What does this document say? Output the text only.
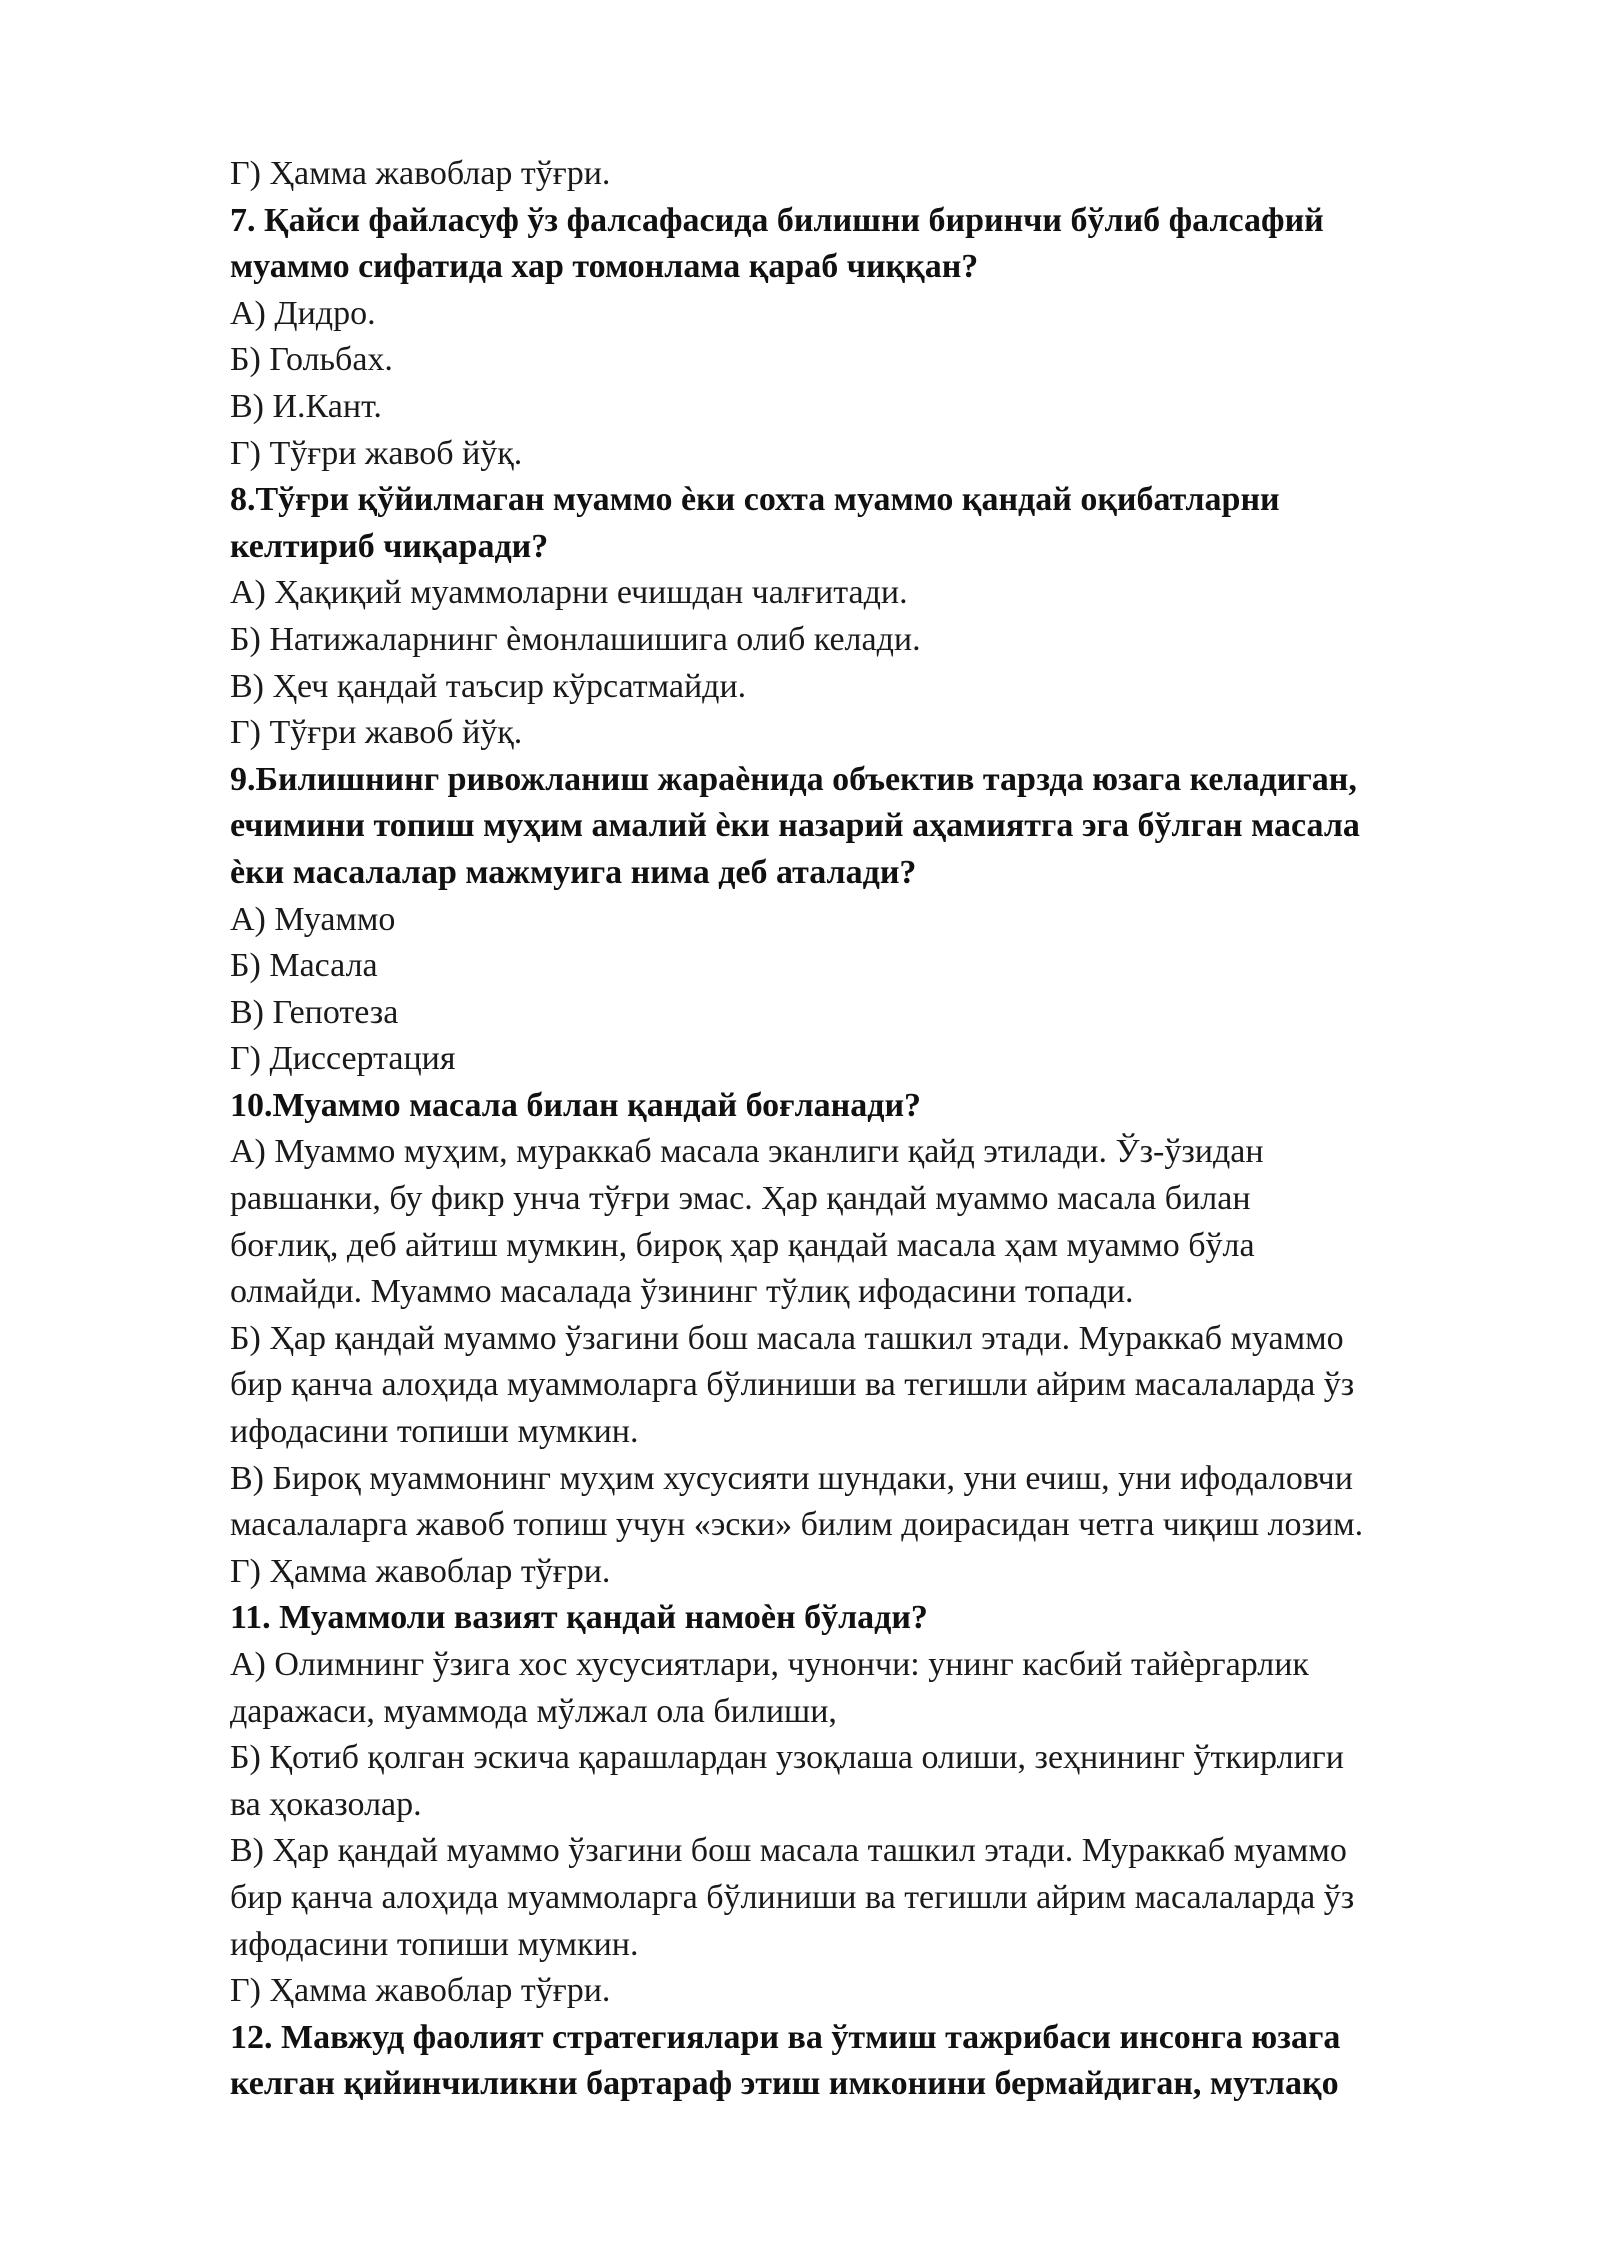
Г) Ҳамма жавоблар тўғри.

7. Қайси файласуф ўз фалсафасида билишни биринчи бўлиб фалсафий

муаммо сифатида хар томонлама қараб чиққан?

А) Дидро.

Б) Гольбах.

В) И.Кант.

Г) Тўғри жавоб йўқ.

8.Тўғри қўйилмаган муаммо ѐки сохта муаммо қандай оқибатларни

келтириб чиқаради?

А) Ҳақиқий муаммоларни ечишдан чалғитади.

Б) Натижаларнинг ѐмонлашишига олиб келади.

В) Ҳеч қандай таъсир кўрсатмайди.

Г) Тўғри жавоб йўқ.

9.Билишнинг ривожланиш жараѐнида объектив тарзда юзага келадиган,

ечимини топиш муҳим амалий ѐки назарий аҳамиятга эга бўлган масала

ѐки масалалар мажмуига нима деб аталади?

А) Муаммо

Б) Масала

В) Гепотеза

Г) Диссертация

10.Муаммо масала билан қандай боғланади?

А) Муаммо муҳим, мураккаб масала эканлиги қайд этилади. Ўз-ўзидан

равшанки, бу фикр унча тўғри эмас. Ҳар қандай муаммо масала билан

боғлиқ, деб айтиш мумкин, бироқ ҳар қандай масала ҳам муаммо бўла

олмайди. Муаммо масалада ўзининг тўлиқ ифодасини топади.

Б) Ҳар қандай муаммо ўзагини бош масала ташкил этади. Мураккаб муаммо

бир қанча алоҳида муаммоларга бўлиниши ва тегишли айрим масалаларда ўз

ифодасини топиши мумкин.

В) Бироқ муаммонинг муҳим хусусияти шундаки, уни ечиш, уни ифодаловчи

масалаларга жавоб топиш учун «эски» билим доирасидан четга чиқиш лозим.

Г) Ҳамма жавоблар тўғри.

11. Муаммоли вазият қандай намоѐн бўлади?

А) Олимнинг ўзига хос хусусиятлари, чунончи: унинг касбий тайѐргарлик

даражаси, муаммода мўлжал ола билиши,

Б) Қотиб қолган эскича қарашлардан узоқлаша олиши, зеҳнининг ўткирлиги

ва ҳоказолар.

В) Ҳар қандай муаммо ўзагини бош масала ташкил этади. Мураккаб муаммо

бир қанча алоҳида муаммоларга бўлиниши ва тегишли айрим масалаларда ўз

ифодасини топиши мумкин.

Г) Ҳамма жавоблар тўғри.

12. Мавжуд фаолият стратегиялари ва ўтмиш тажрибаси инсонга юзага

келган қийинчиликни бартараф этиш имконини бермайдиган, мутлақо
